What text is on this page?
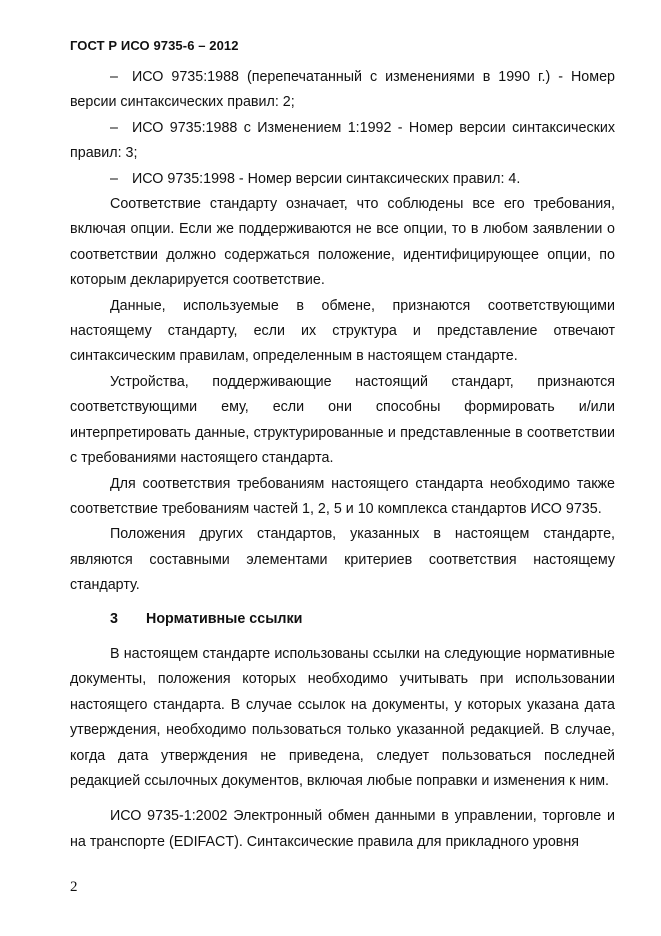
ГОСТ Р ИСО 9735-6 – 2012
– ИСО 9735:1988 (перепечатанный с изменениями в 1990 г.) - Номер версии синтаксических правил: 2;
– ИСО 9735:1988 с Изменением 1:1992 - Номер версии синтаксических правил: 3;
– ИСО 9735:1998 - Номер версии синтаксических правил: 4.

Соответствие стандарту означает, что соблюдены все его требования, включая опции. Если же поддерживаются не все опции, то в любом заявлении о соответствии должно содержаться положение, идентифицирующее опции, по которым декларируется соответствие.

Данные, используемые в обмене, признаются соответствующими настоящему стандарту, если их структура и представление отвечают синтаксическим правилам, определенным в настоящем стандарте.

Устройства, поддерживающие настоящий стандарт, признаются соответствующими ему, если они способны формировать и/или интерпретировать данные, структурированные и представленные в соответствии с требованиями настоящего стандарта.

Для соответствия требованиям настоящего стандарта необходимо также соответствие требованиям частей 1, 2, 5 и 10 комплекса стандартов ИСО 9735.

Положения других стандартов, указанных в настоящем стандарте, являются составными элементами критериев соответствия настоящему стандарту.

3 Нормативные ссылки

В настоящем стандарте использованы ссылки на следующие нормативные документы, положения которых необходимо учитывать при использовании настоящего стандарта. В случае ссылок на документы, у которых указана дата утверждения, необходимо пользоваться только указанной редакцией. В случае, когда дата утверждения не приведена, следует пользоваться последней редакцией ссылочных документов, включая любые поправки и изменения к ним.

ИСО 9735-1:2002 Электронный обмен данными в управлении, торговле и на транспорте (EDIFACT). Синтаксические правила для прикладного уровня

2
